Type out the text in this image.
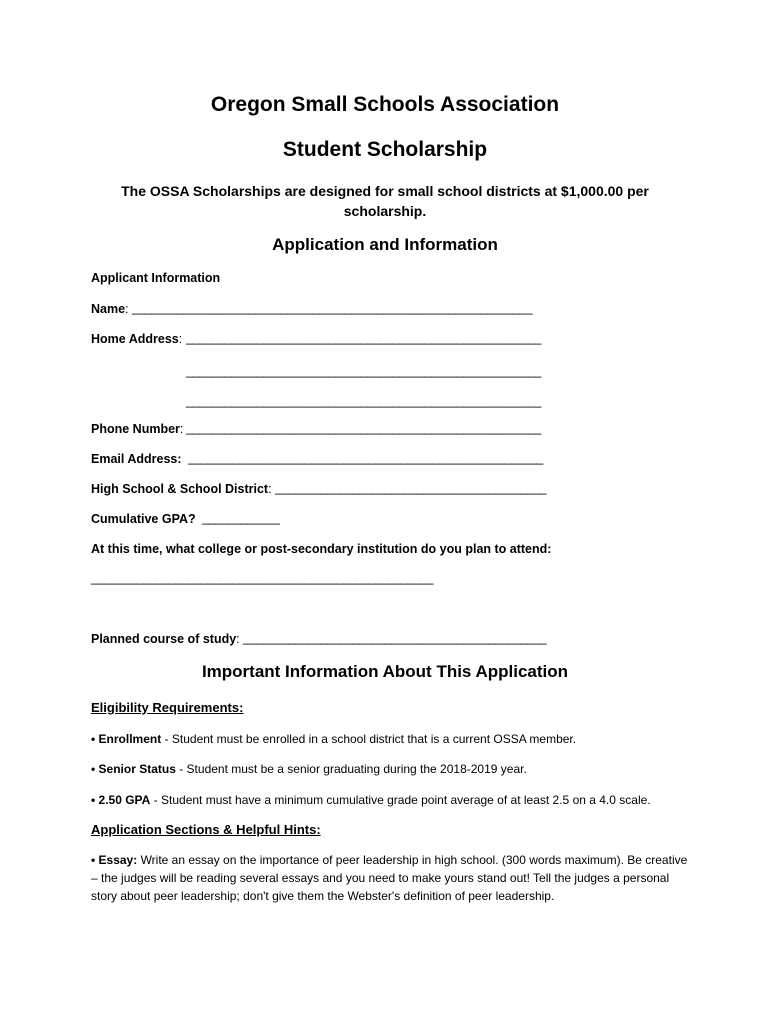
Oregon Small Schools Association
Student Scholarship
The OSSA Scholarships are designed for small school districts at $1,000.00 per scholarship.
Application and Information
Applicant Information
Name: ______________________________________________________________
Home Address: _______________________________________________________
_______________________________________________________
_______________________________________________________
Phone Number: _______________________________________________________
Email Address: _______________________________________________________
High School & School District: __________________________________________
Cumulative GPA? ____________
At this time, what college or post-secondary institution do you plan to attend:
_____________________________________________________
Planned course of study: _______________________________________________
Important Information About This Application
Eligibility Requirements:
• Enrollment - Student must be enrolled in a school district that is a current OSSA member.
• Senior Status - Student must be a senior graduating during the 2018-2019 year.
• 2.50 GPA - Student must have a minimum cumulative grade point average of at least 2.5 on a 4.0 scale.
Application Sections & Helpful Hints:
• Essay: Write an essay on the importance of peer leadership in high school. (300 words maximum). Be creative – the judges will be reading several essays and you need to make yours stand out! Tell the judges a personal story about peer leadership; don't give them the Webster's definition of peer leadership.
